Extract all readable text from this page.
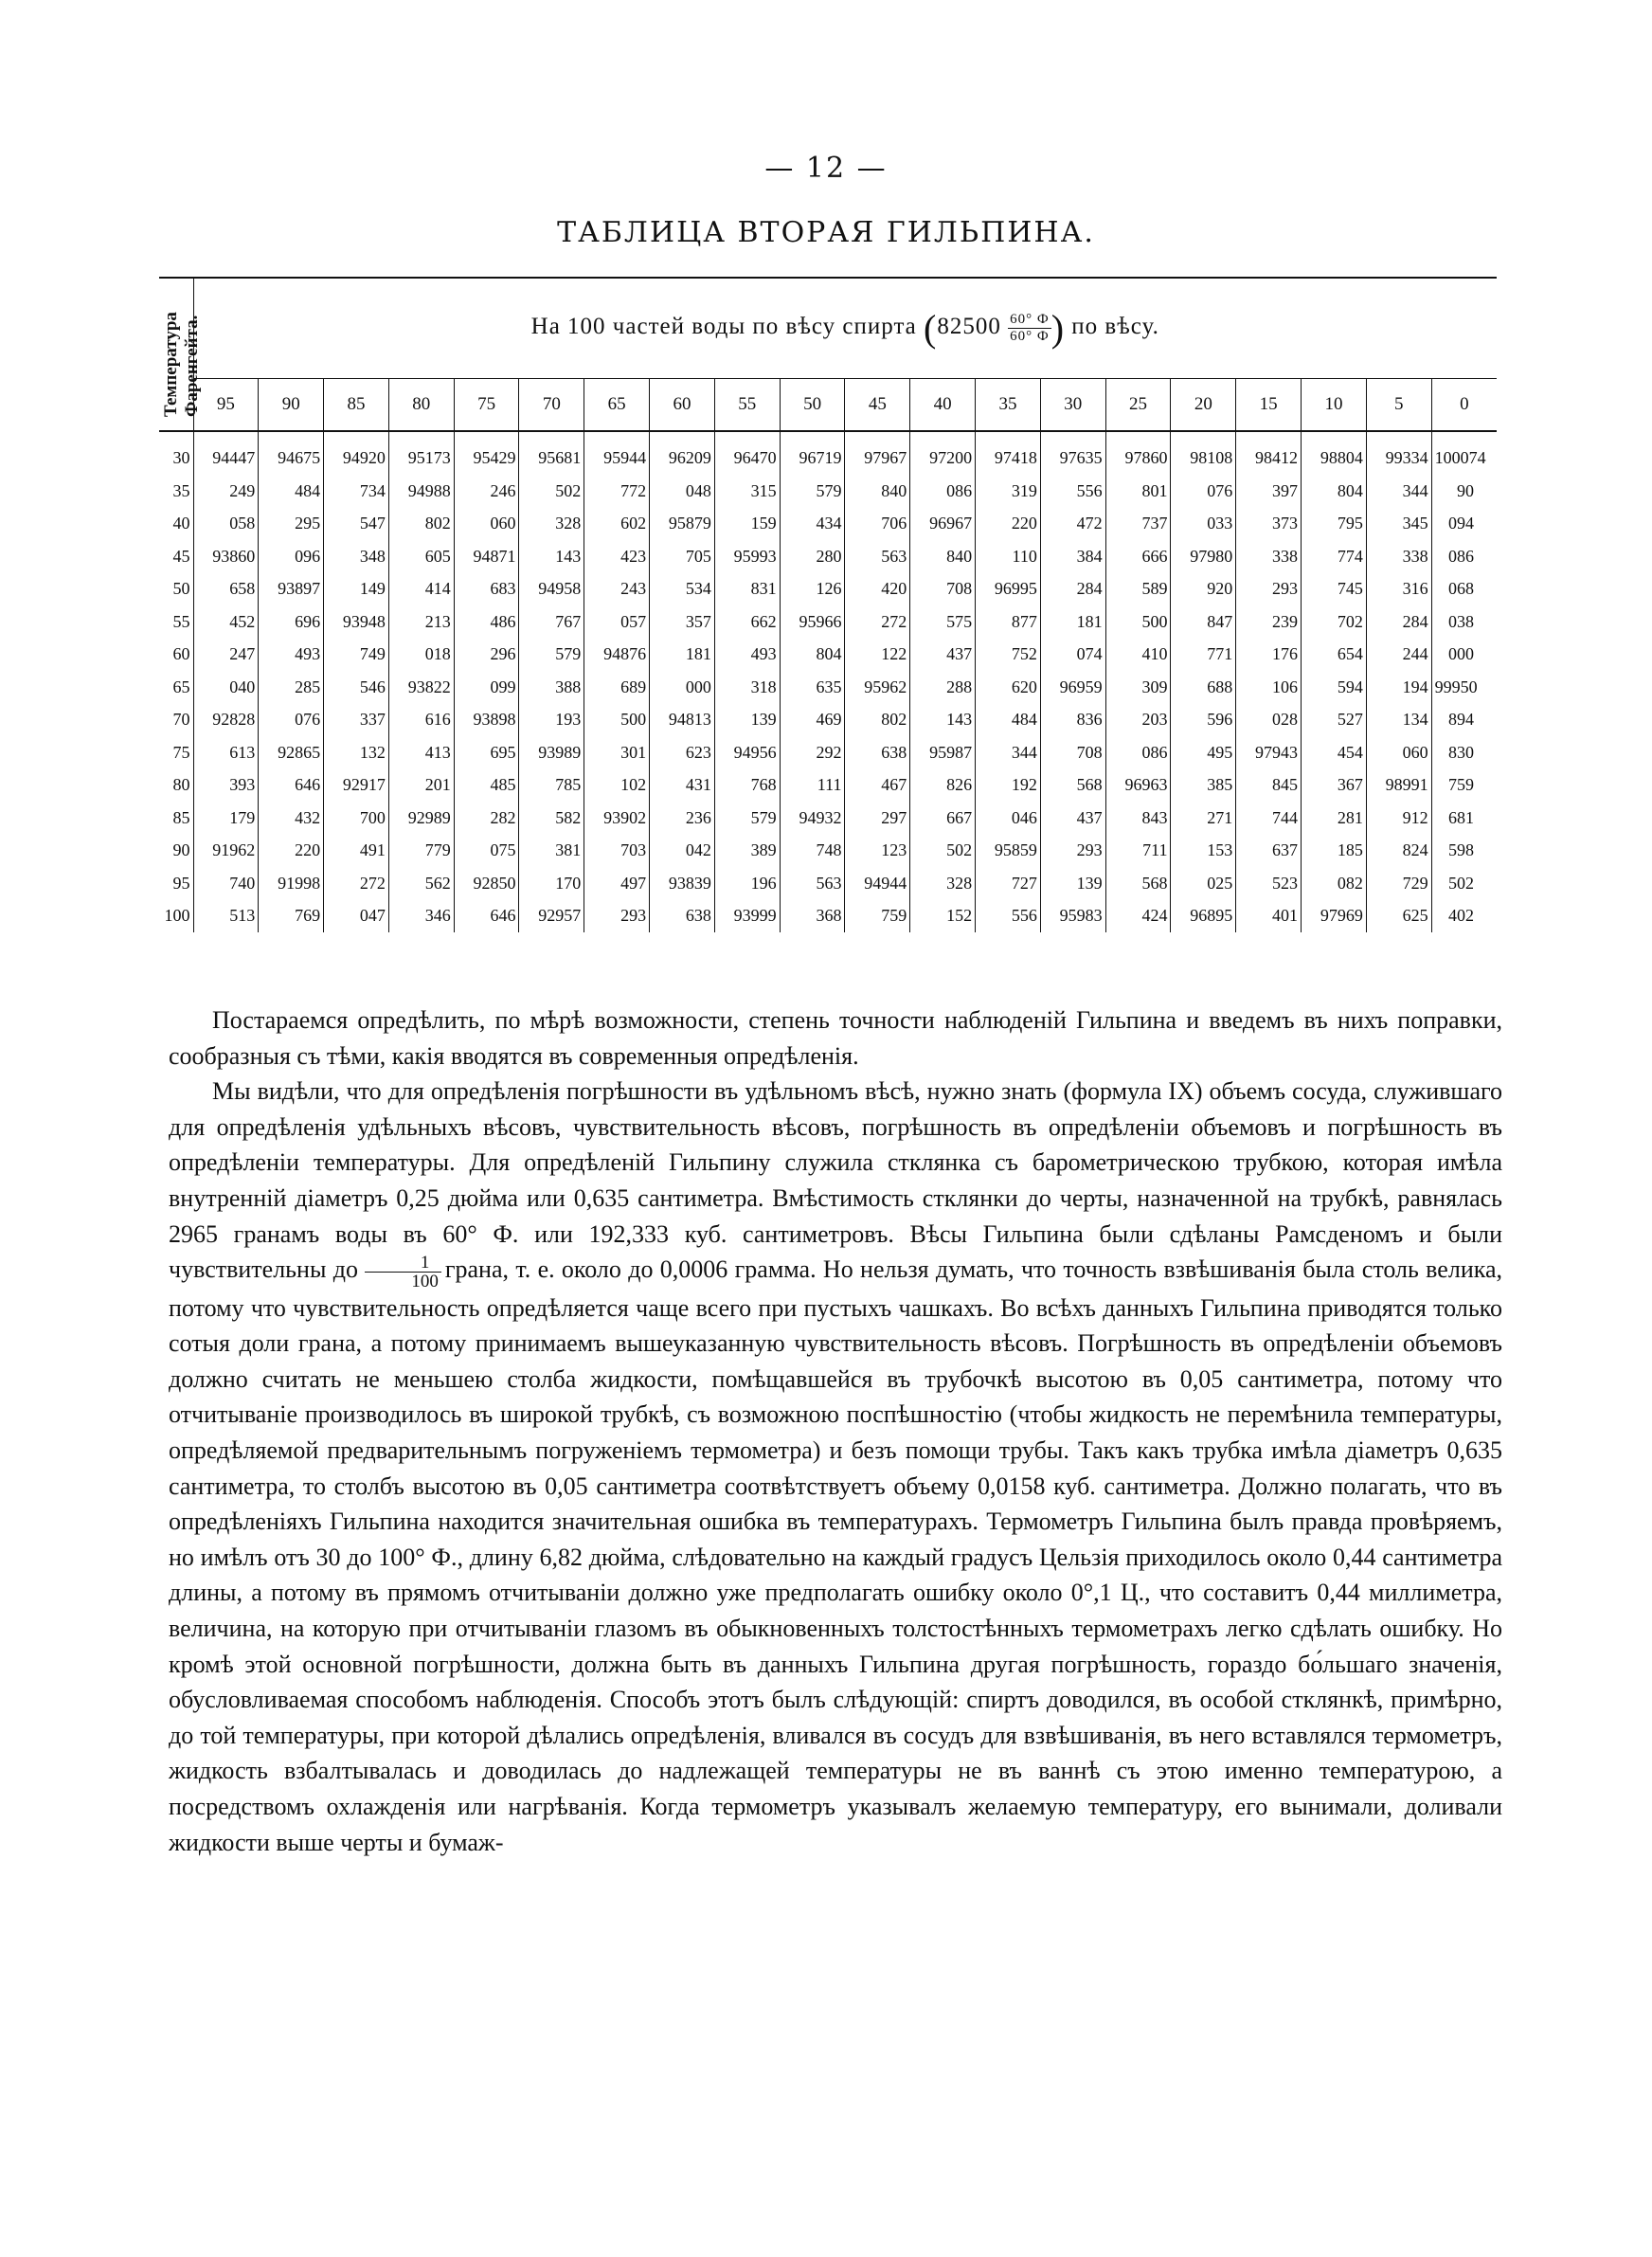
— 12 —
ТАБЛИЦА ВТОРАЯ ГИЛЬПИНА.
Температура Фаренгейта.	На 100 частей воды по вѣсу спирта ($82500 \frac{60^\circ Ф}{60^\circ Ф}$ ) по вѣсу.																			
	95	90	85	80	75	70	65	60	55	50	45	40	35	30	25	20	15	10	5	0
30	94447	94675	94920	95173	95429	95681	95944	96209	96470	96719	97967	97200	97418	97635	97860	98108	98412	98804	99334	100074
35	249	484	734	94988	246	502	772	048	315	579	840	086	319	556	801	076	397	804	344	90
40	058	295	547	802	060	328	602	95879	159	434	706	96967	220	472	737	033	373	795	345	094
45	93860	096	348	605	94871	143	423	705	95993	280	563	840	110	384	666	97980	338	774	338	086
50	658	93897	149	414	683	94958	243	534	831	126	420	708	96995	284	589	920	293	745	316	068
55	452	696	93948	213	486	767	057	357	662	95966	272	575	877	181	500	847	239	702	284	038
60	247	493	749	018	296	579	94876	181	493	804	122	437	752	074	410	771	176	654	244	000
65	040	285	546	93822	099	388	689	000	318	635	95962	288	620	96959	309	688	106	594	194	99950
70	92828	076	337	616	93898	193	500	94813	139	469	802	143	484	836	203	596	028	527	134	894
75	613	92865	132	413	695	93989	301	623	94956	292	638	95987	344	708	086	495	97943	454	060	830
80	393	646	92917	201	485	785	102	431	768	111	467	826	192	568	96963	385	845	367	98991	759
85	179	432	700	92989	282	582	93902	236	579	94932	297	667	046	437	843	271	744	281	912	681
90	91962	220	491	779	075	381	703	042	389	748	123	502	95859	293	711	153	637	185	824	598
95	740	91998	272	562	92850	170	497	93839	196	563	94944	328	727	139	568	025	523	082	729	502
100	513	769	047	346	646	92957	293	638	93999	368	759	152	556	95983	424	96895	401	97969	625	402

Постараемся опредѣлить, по мѣрѣ возможности, степень точности наблюденій Гильпина и введемъ въ нихъ поправки, сообразныя съ тѣми, какія вводятся въ современныя опредѣленія.

Мы видѣли, что для опредѣленія погрѣшности въ удѣльномъ вѣсѣ, нужно знать (формула IX) объемъ сосуда, служившаго для опредѣленія удѣльныхъ вѣсовъ, чувствительность вѣсовъ, погрѣшность въ опредѣленіи объемовъ и погрѣшность въ опредѣленіи температуры. Для опредѣленій Гильпину служила стклянка съ барометрическою трубкою, которая имѣла внутренній діаметръ 0,25 дюйма или 0,635 сантиметра. Вмѣстимость стклянки до черты, назначенной на трубкѣ, равнялась 2965 гранамъ воды въ 60° Ф. или 192,333 куб. сантиметровъ. Вѣсы Гильпина были сдѣланы Рамсденомъ и были чувствительны до $\frac{1}{100}$ грана, т. е. около до 0,0006 грамма. Но нельзя думать, что точность взвѣшиванія была столь велика, потому что чувствительность опредѣляется чаще всего при пустыхъ чашкахъ. Во всѣхъ данныхъ Гильпина приводятся только сотыя доли грана, а потому принимаемъ вышеуказанную чувствительность вѣсовъ. Погрѣшность въ опредѣленіи объемовъ должно считать не меньшею столба жидкости, помѣщавшейся въ трубочкѣ высотою въ 0,05 сантиметра, потому что отчитываніе производилось въ широкой трубкѣ, съ возможною поспѣшностію (чтобы жидкость не перемѣнила температуры, опредѣляемой предварительнымъ погруженіемъ термометра) и безъ помощи трубы. Такъ какъ трубка имѣла діаметръ 0,635 сантиметра, то столбъ высотою въ 0,05 сантиметра соотвѣтствуетъ объему 0,0158 куб. сантиметра. Должно полагать, что въ опредѣленіяхъ Гильпина находится значительная ошибка въ температурахъ. Термометръ Гильпина былъ правда провѣряемъ, но имѣлъ отъ 30 до 100° Ф., длину 6,82 дюйма, слѣдовательно на каждый градусъ Цельзія приходилось около 0,44 сантиметра длины, а потому въ прямомъ отчитываніи должно уже предполагать ошибку около 0°,1 Ц., что составитъ 0,44 миллиметра, величина, на которую при отчитываніи глазомъ въ обыкновенныхъ толстостѣнныхъ термометрахъ легко сдѣлать ошибку. Но кромѣ этой основной погрѣшности, должна быть въ данныхъ Гильпина другая погрѣшность, гораздо бо́льшаго значенія, обусловливаемая способомъ наблюденія. Способъ этотъ былъ слѣдующій: спиртъ доводился, въ особой стклянкѣ, примѣрно, до той температуры, при которой дѣлались опредѣленія, вливался въ сосудъ для взвѣшиванія, въ него вставлялся термометръ, жидкость взбалтывалась и доводилась до надлежащей температуры не въ ваннѣ съ этою именно температурою, а посредствомъ охлажденія или нагрѣванія. Когда термометръ указывалъ желаемую температуру, его вынимали, доливали жидкости выше черты и бумаж-
